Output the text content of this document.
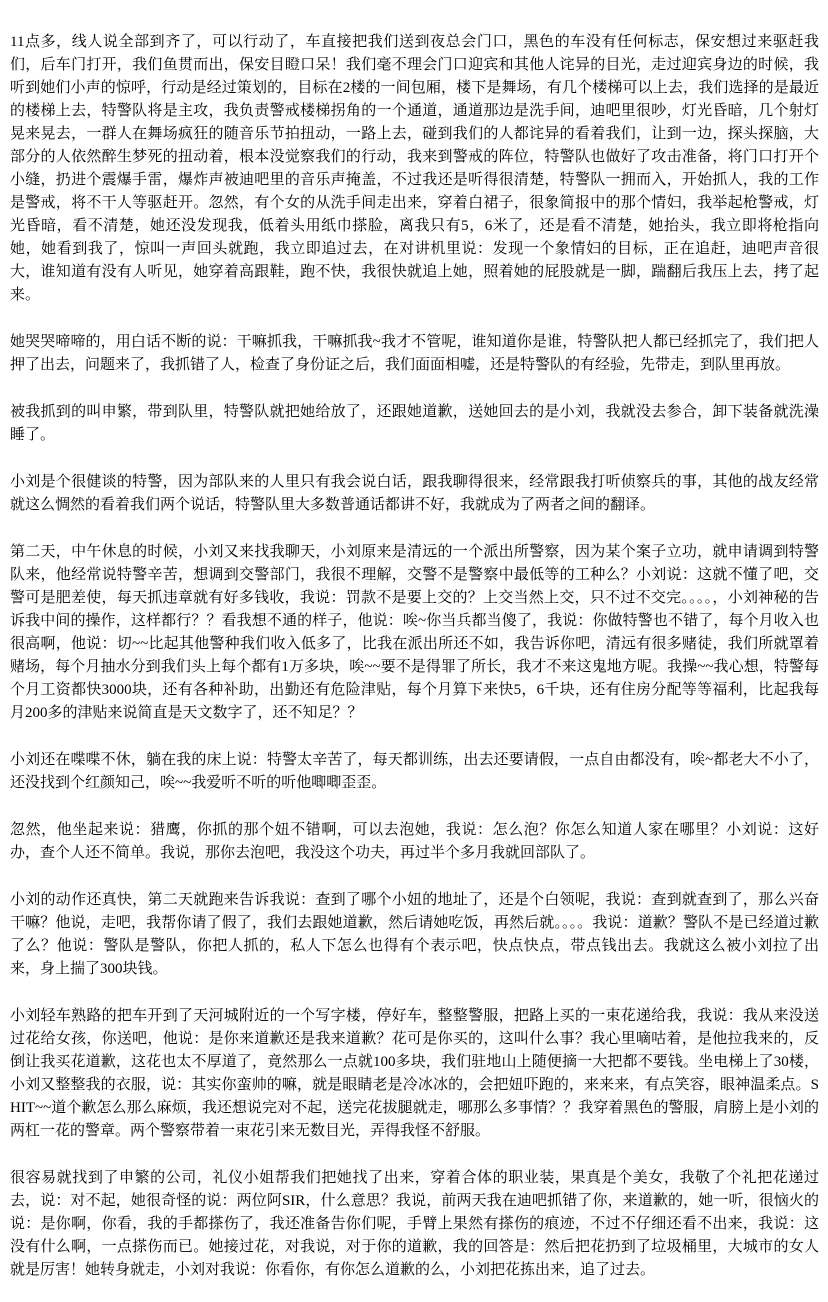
11点多，线人说全部到齐了，可以行动了，车直接把我们送到夜总会门口，黑色的车没有任何标志，保安想过来驱赶我们，后车门打开，我们鱼贯而出，保安目瞪口呆！我们毫不理会门口迎宾和其他人诧异的目光，走过迎宾身边的时候，我听到她们小声的惊呼，行动是经过策划的，目标在2楼的一间包厢，楼下是舞场，有几个楼梯可以上去，我们选择的是最近的楼梯上去，特警队将是主攻，我负责警戒楼梯拐角的一个通道，通道那边是洗手间，迪吧里很吵，灯光昏暗，几个射灯晃来晃去，一群人在舞场疯狂的随音乐节拍扭动，一路上去，碰到我们的人都诧异的看着我们，让到一边，探头探脑，大部分的人依然醉生梦死的扭动着，根本没觉察我们的行动，我来到警戒的阵位，特警队也做好了攻击准备，将门口打开个小缝，扔进个震爆手雷，爆炸声被迪吧里的音乐声掩盖，不过我还是听得很清楚，特警队一拥而入，开始抓人，我的工作是警戒，将不干人等驱赶开。忽然，有个女的从洗手间走出来，穿着白裙子，很象简报中的那个情妇，我举起枪警戒，灯光昏暗，看不清楚，她还没发现我，低着头用纸巾搽脸，离我只有5，6米了，还是看不清楚，她抬头，我立即将枪指向她，她看到我了，惊叫一声回头就跑，我立即追过去，在对讲机里说：发现一个象情妇的目标，正在追赶，迪吧声音很大，谁知道有没有人听见，她穿着高跟鞋，跑不快，我很快就追上她，照着她的屁股就是一脚，踹翻后我压上去，拷了起来。

她哭哭啼啼的，用白话不断的说：干嘛抓我，干嘛抓我~我才不管呢，谁知道你是谁，特警队把人都已经抓完了，我们把人押了出去，问题来了，我抓错了人，检查了身份证之后，我们面面相嘘，还是特警队的有经验，先带走，到队里再放。

被我抓到的叫申繁，带到队里，特警队就把她给放了，还跟她道歉，送她回去的是小刘，我就没去参合，卸下装备就洗澡睡了。

小刘是个很健谈的特警，因为部队来的人里只有我会说白话，跟我聊得很来，经常跟我打听侦察兵的事，其他的战友经常就这么惆然的看着我们两个说话，特警队里大多数普通话都讲不好，我就成为了两者之间的翻译。

第二天，中午休息的时候，小刘又来找我聊天，小刘原来是清远的一个派出所警察，因为某个案子立功，就申请调到特警队来，他经常说特警辛苦，想调到交警部门，我很不理解，交警不是警察中最低等的工种么？小刘说：这就不懂了吧，交警可是肥差使，每天抓违章就有好多钱收，我说：罚款不是要上交的？上交当然上交，只不过不交完。。。。，小刘神秘的告诉我中间的操作，这样都行？？看我想不通的样子，他说：唉~你当兵都当傻了，我说：你做特警也不错了，每个月收入也很高啊，他说：切~~比起其他警种我们收入低多了，比我在派出所还不如，我告诉你吧，清远有很多赌徒，我们所就罩着赌场，每个月抽水分到我们头上每个都有1万多块，唉~~要不是得罪了所长，我才不来这鬼地方呢。我操~~我心想，特警每个月工资都快3000块，还有各种补助，出勤还有危险津贴，每个月算下来快5，6千块，还有住房分配等等福利，比起我每月200多的津贴来说简直是天文数字了，还不知足？？

小刘还在喋喋不休，躺在我的床上说：特警太辛苦了，每天都训练，出去还要请假，一点自由都没有，唉~都老大不小了，还没找到个红颜知己，唉~~我爱听不听的听他唧唧歪歪。

忽然，他坐起来说：猎鹰，你抓的那个妞不错啊，可以去泡她，我说：怎么泡？你怎么知道人家在哪里？小刘说：这好办，查个人还不简单。我说，那你去泡吧，我没这个功夫，再过半个多月我就回部队了。

小刘的动作还真快，第二天就跑来告诉我说：查到了哪个小妞的地址了，还是个白领呢，我说：查到就查到了，那么兴奋干嘛？他说，走吧，我帮你请了假了，我们去跟她道歉，然后请她吃饭，再然后就。。。。我说：道歉？警队不是已经道过歉了么？他说：警队是警队，你把人抓的，私人下怎么也得有个表示吧，快点快点，带点钱出去。我就这么被小刘拉了出来，身上揣了300块钱。

小刘轻车熟路的把车开到了天河城附近的一个写字楼，停好车，整整警服，把路上买的一束花递给我，我说：我从来没送过花给女孩，你送吧，他说：是你来道歉还是我来道歉？花可是你买的，这叫什么事？我心里嘀咕着，是他拉我来的，反倒让我买花道歉，这花也太不厚道了，竟然那么一点就100多块，我们驻地山上随便摘一大把都不要钱。坐电梯上了30楼，小刘又整整我的衣服，说：其实你蛮帅的嘛，就是眼睛老是冷冰冰的，会把妞吓跑的，来来来，有点笑容，眼神温柔点。SHIT~~道个歉怎么那么麻烦，我还想说完对不起，送完花拔腿就走，哪那么多事情？？我穿着黑色的警服，肩膀上是小刘的两杠一花的警章。两个警察带着一束花引来无数目光，弄得我怪不舒服。

很容易就找到了申繁的公司，礼仪小姐帮我们把她找了出来，穿着合体的职业装，果真是个美女，我敬了个礼把花递过去，说：对不起，她很奇怪的说：两位阿SIR，什么意思？我说，前两天我在迪吧抓错了你，来道歉的，她一听，很恼火的说：是你啊，你看，我的手都搽伤了，我还准备告你们呢，手臂上果然有搽伤的痕迹，不过不仔细还看不出来，我说：这没有什么啊，一点搽伤而已。她接过花，对我说，对于你的道歉，我的回答是：然后把花扔到了垃圾桶里，大城市的女人就是厉害！她转身就走，小刘对我说：你看你，有你怎么道歉的么，小刘把花拣出来，追了过去。
